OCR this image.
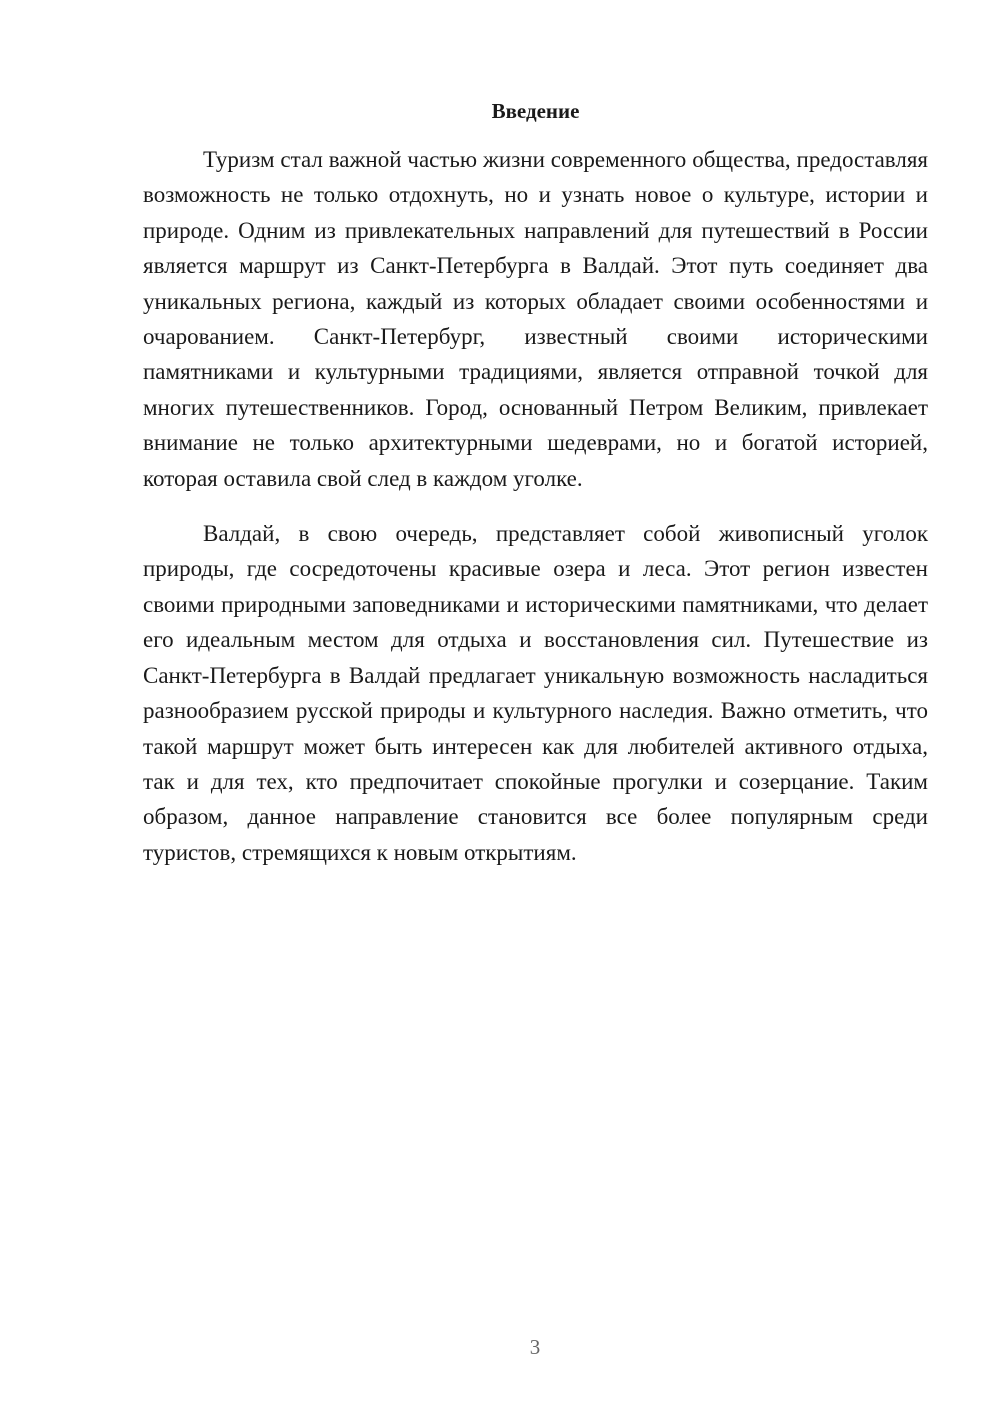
Введение

Туризм стал важной частью жизни современного общества, предоставляя возможность не только отдохнуть, но и узнать новое о культуре, истории и природе. Одним из привлекательных направлений для путешествий в России является маршрут из Санкт-Петербурга в Валдай. Этот путь соединяет два уникальных региона, каждый из которых обладает своими особенностями и очарованием. Санкт-Петербург, известный своими историческими памятниками и культурными традициями, является отправной точкой для многих путешественников. Город, основанный Петром Великим, привлекает внимание не только архитектурными шедеврами, но и богатой историей, которая оставила свой след в каждом уголке.

Валдай, в свою очередь, представляет собой живописный уголок природы, где сосредоточены красивые озера и леса. Этот регион известен своими природными заповедниками и историческими памятниками, что делает его идеальным местом для отдыха и восстановления сил. Путешествие из Санкт-Петербурга в Валдай предлагает уникальную возможность насладиться разнообразием русской природы и культурного наследия. Важно отметить, что такой маршрут может быть интересен как для любителей активного отдыха, так и для тех, кто предпочитает спокойные прогулки и созерцание. Таким образом, данное направление становится все более популярным среди туристов, стремящихся к новым открытиям.

3
